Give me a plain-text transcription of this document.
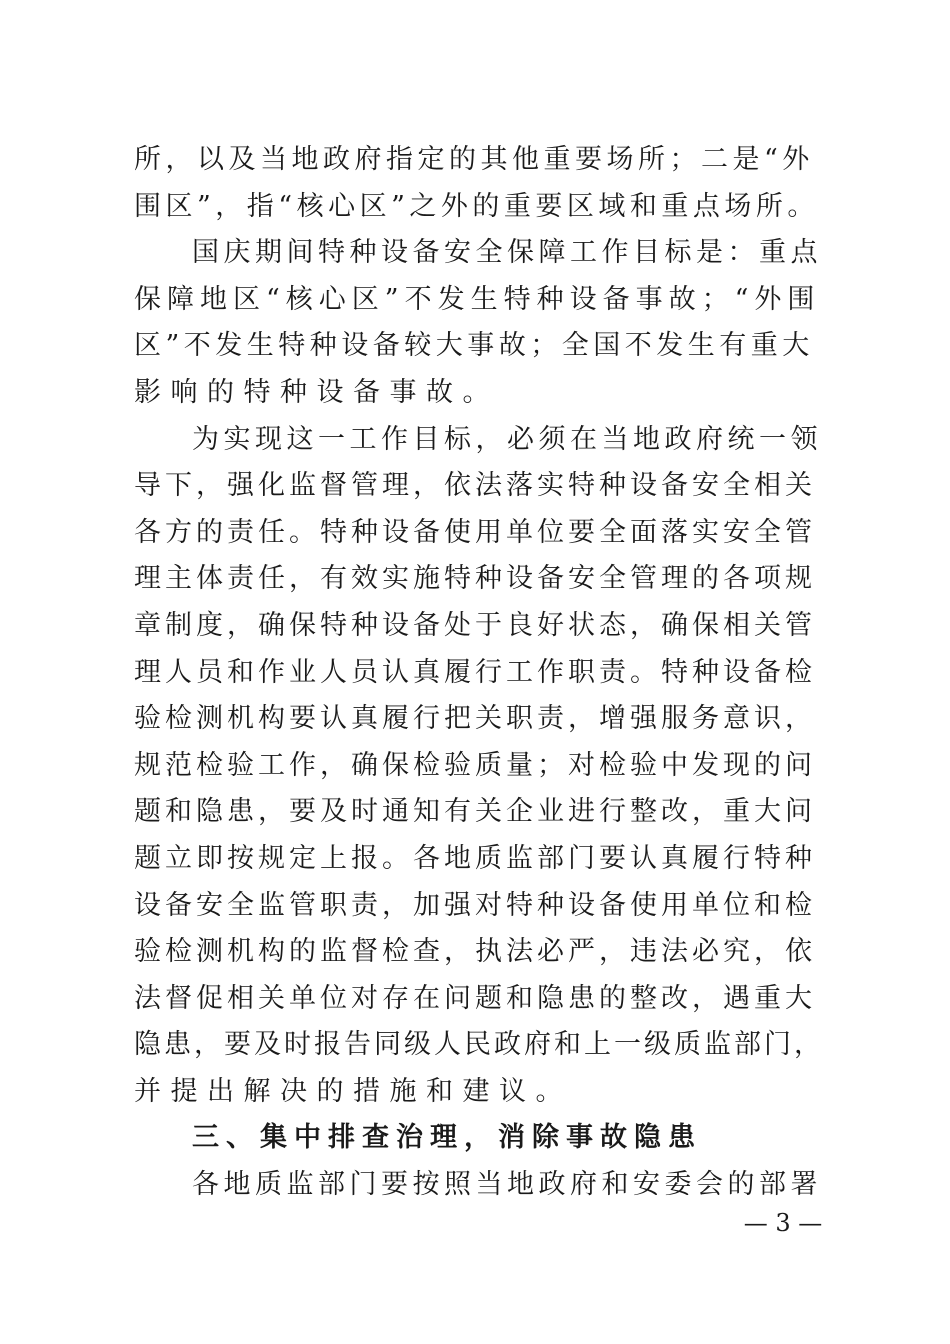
所，以及当地政府指定的其他重要场所；二是“外
围区”，指“核心区”之外的重要区域和重点场所。
国庆期间特种设备安全保障工作目标是：重点
保障地区“核心区”不发生特种设备事故；“外围
区”不发生特种设备较大事故；全国不发生有重大
影响的特种设备事故。
为实现这一工作目标，必须在当地政府统一领
导下，强化监督管理，依法落实特种设备安全相关
各方的责任。特种设备使用单位要全面落实安全管
理主体责任，有效实施特种设备安全管理的各项规
章制度，确保特种设备处于良好状态，确保相关管
理人员和作业人员认真履行工作职责。特种设备检
验检测机构要认真履行把关职责，增强服务意识，
规范检验工作，确保检验质量；对检验中发现的问
题和隐患，要及时通知有关企业进行整改，重大问
题立即按规定上报。各地质监部门要认真履行特种
设备安全监管职责，加强对特种设备使用单位和检
验检测机构的监督检查，执法必严，违法必究，依
法督促相关单位对存在问题和隐患的整改，遇重大
隐患，要及时报告同级人民政府和上一级质监部门，
并提出解决的措施和建议。
三、集中排查治理，消除事故隐患
各地质监部门要按照当地政府和安委会的部署
— 3 —
